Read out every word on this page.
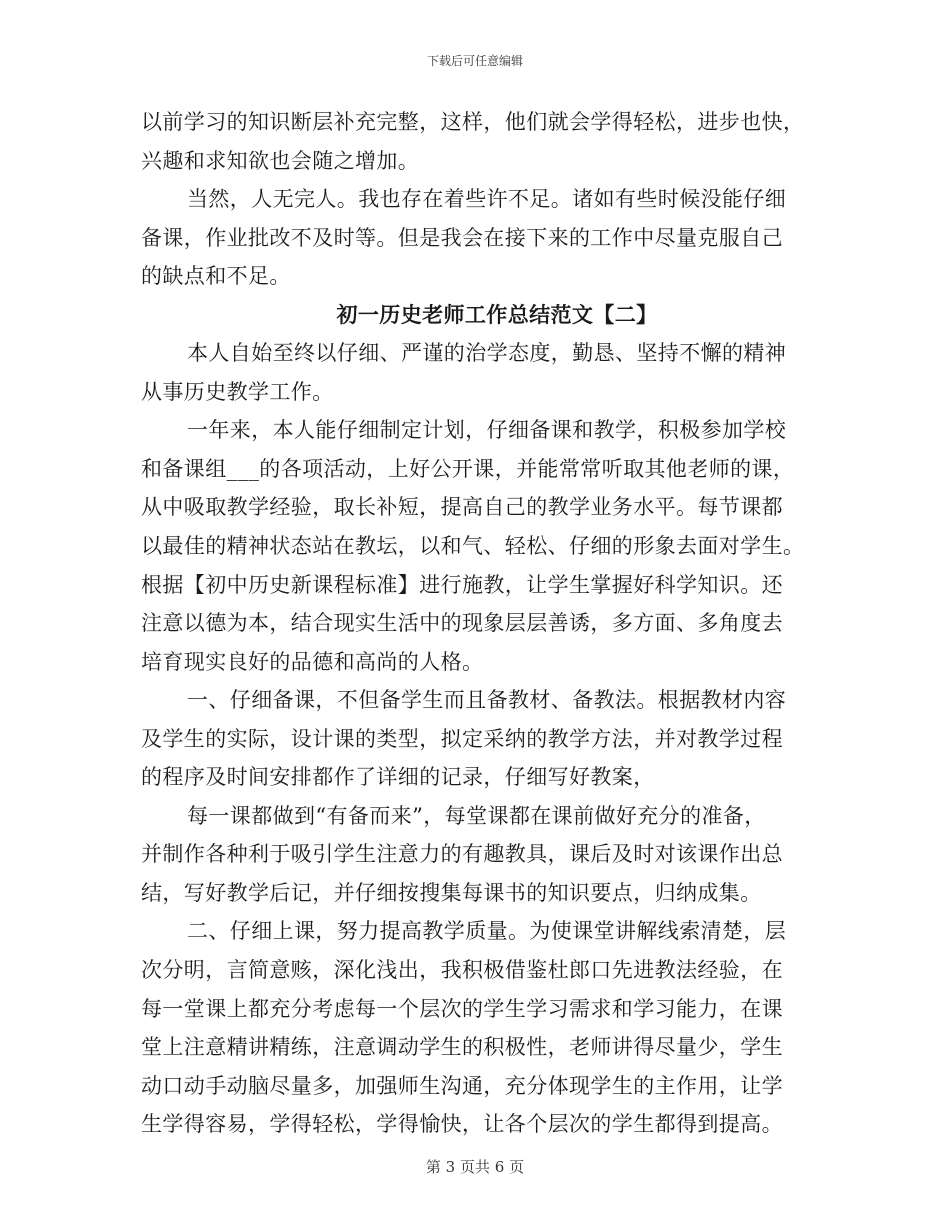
下载后可任意编辑
以前学习的知识断层补充完整，这样，他们就会学得轻松，进步也快，
兴趣和求知欲也会随之增加。
当然，人无完人。我也存在着些许不足。诸如有些时候没能仔细
备课，作业批改不及时等。但是我会在接下来的工作中尽量克服自己
的缺点和不足。
初一历史老师工作总结范文【二】
本人自始至终以仔细、严谨的治学态度，勤恳、坚持不懈的精神
从事历史教学工作。
一年来，本人能仔细制定计划，仔细备课和教学，积极参加学校
和备课组___的各项活动，上好公开课，并能常常听取其他老师的课，
从中吸取教学经验，取长补短，提高自己的教学业务水平。每节课都
以最佳的精神状态站在教坛，以和气、轻松、仔细的形象去面对学生。
根据【初中历史新课程标准】进行施教，让学生掌握好科学知识。还
注意以德为本，结合现实生活中的现象层层善诱，多方面、多角度去
培育现实良好的品德和高尚的人格。
一、仔细备课，不但备学生而且备教材、备教法。根据教材内容
及学生的实际，设计课的类型，拟定采纳的教学方法，并对教学过程
的程序及时间安排都作了详细的记录，仔细写好教案，
每一课都做到“有备而来”，每堂课都在课前做好充分的准备，
并制作各种利于吸引学生注意力的有趣教具，课后及时对该课作出总
结，写好教学后记，并仔细按搜集每课书的知识要点，归纳成集。
二、仔细上课，努力提高教学质量。为使课堂讲解线索清楚，层
次分明，言简意赅，深化浅出，我积极借鉴杜郎口先进教法经验，在
每一堂课上都充分考虑每一个层次的学生学习需求和学习能力，在课
堂上注意精讲精练，注意调动学生的积极性，老师讲得尽量少，学生
动口动手动脑尽量多，加强师生沟通，充分体现学生的主作用，让学
生学得容易，学得轻松，学得愉快，让各个层次的学生都得到提高。
第 3 页共 6 页
